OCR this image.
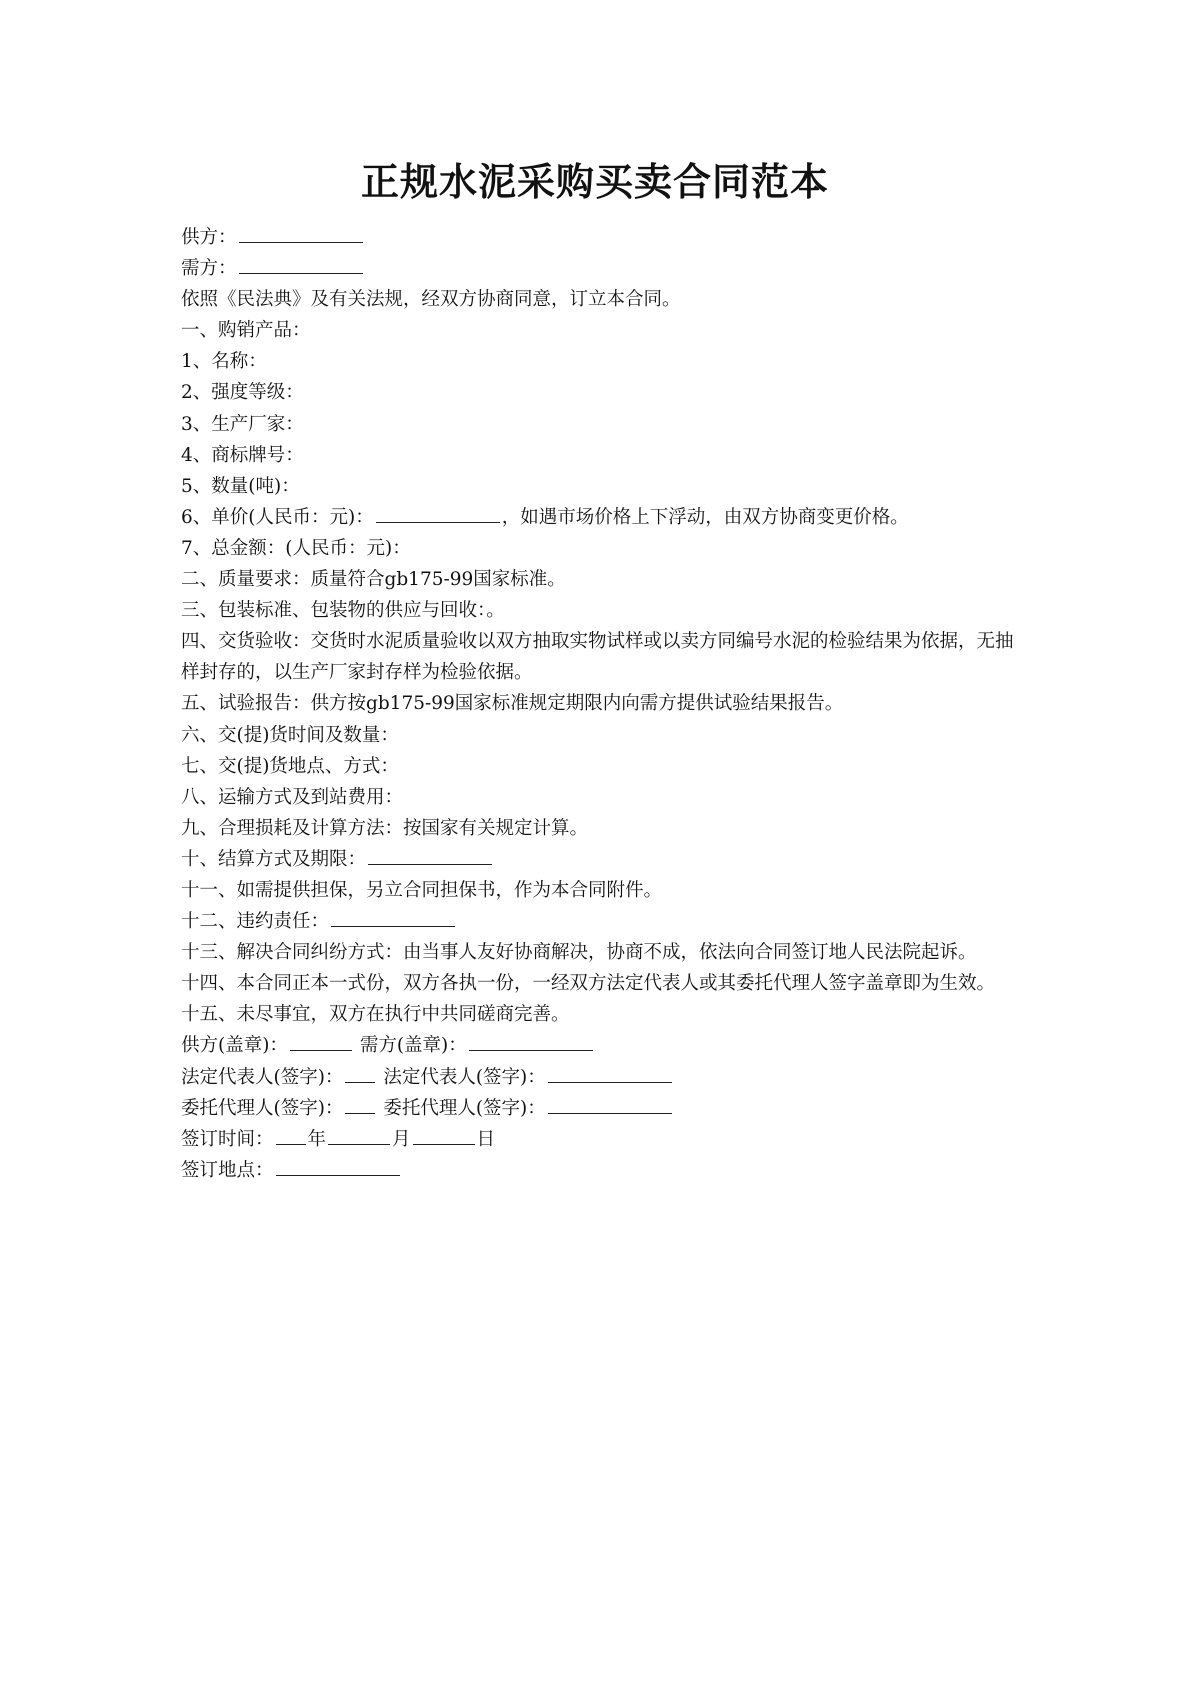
正规水泥采购买卖合同范本

供方：

需方：

依照《民法典》及有关法规，经双方协商同意，订立本合同。

一、购销产品：

1、名称：

2、强度等级：

3、生产厂家：

4、商标牌号：

5、数量(吨)：

6、单价(人民币：元)：	，如遇市场价格上下浮动，由双方协商变更价格。

7、总金额：(人民币：元)：

二、质量要求：质量符合gb175-99国家标准。

三、包装标准、包装物的供应与回收：。

四、交货验收：交货时水泥质量验收以双方抽取实物试样或以卖方同编号水泥的检验结果为依据，无抽样封存的，以生产厂家封存样为检验依据。

五、试验报告：供方按gb175-99国家标准规定期限内向需方提供试验结果报告。

六、交(提)货时间及数量：

七、交(提)货地点、方式：

八、运输方式及到站费用：

九、合理损耗及计算方法：按国家有关规定计算。

十、结算方式及期限：

十一、如需提供担保，另立合同担保书，作为本合同附件。

十二、违约责任：

十三、解决合同纠纷方式：由当事人友好协商解决，协商不成，依法向合同签订地人民法院起诉。

十四、本合同正本一式份，双方各执一份，一经双方法定代表人或其委托代理人签字盖章即为生效。

十五、未尽事宜，双方在执行中共同磋商完善。

供方(盖章)：	需方(盖章)：

法定代表人(签字)： 法定代表人(签字)：

委托代理人(签字)： 委托代理人(签字)：

签订时间： 年	月	日

签订地点：
